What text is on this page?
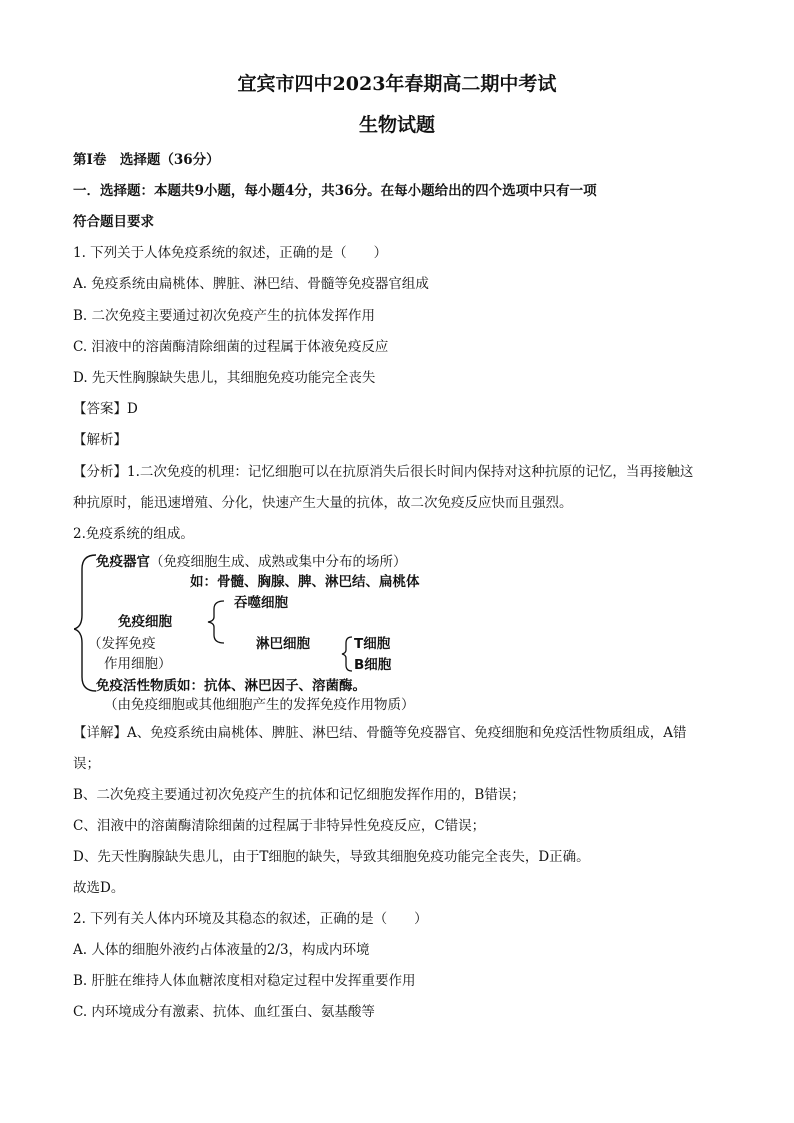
宜宾市四中2023年春期高二期中考试
生物试题
第Ⅰ卷　选择题（36分）
一．选择题：本题共9小题，每小题4分，共36分。在每小题给出的四个选项中只有一项
符合题目要求
1. 下列关于人体免疫系统的叙述，正确的是（　　）
A. 免疫系统由扁桃体、脾脏、淋巴结、骨髓等免疫器官组成
B. 二次免疫主要通过初次免疫产生的抗体发挥作用
C. 泪液中的溶菌酶清除细菌的过程属于体液免疫反应
D. 先天性胸腺缺失患儿，其细胞免疫功能完全丧失
【答案】D
【解析】
【分析】1.二次免疫的机理：记忆细胞可以在抗原消失后很长时间内保持对这种抗原的记忆，当再接触这
种抗原时，能迅速增殖、分化，快速产生大量的抗体，故二次免疫反应快而且强烈。
2.免疫系统的组成。
免疫器官（免疫细胞生成、成熟或集中分布的场所）
如：骨髓、胸腺、脾、淋巴结、扁桃体
吞噬细胞
免疫细胞
（发挥免疫
作用细胞）
淋巴细胞	T细胞
B细胞
免疫活性物质如：抗体、淋巴因子、溶菌酶。
（由免疫细胞或其他细胞产生的发挥免疫作用物质）
【详解】A、免疫系统由扁桃体、脾脏、淋巴结、骨髓等免疫器官、免疫细胞和免疫活性物质组成，A错
误；
B、二次免疫主要通过初次免疫产生的抗体和记忆细胞发挥作用的，B错误；
C、泪液中的溶菌酶清除细菌的过程属于非特异性免疫反应，C错误；
D、先天性胸腺缺失患儿，由于T细胞的缺失，导致其细胞免疫功能完全丧失，D正确。
故选D。
2. 下列有关人体内环境及其稳态的叙述，正确的是（　　）
A. 人体的细胞外液约占体液量的2/3，构成内环境
B. 肝脏在维持人体血糖浓度相对稳定过程中发挥重要作用
C. 内环境成分有激素、抗体、血红蛋白、氨基酸等
